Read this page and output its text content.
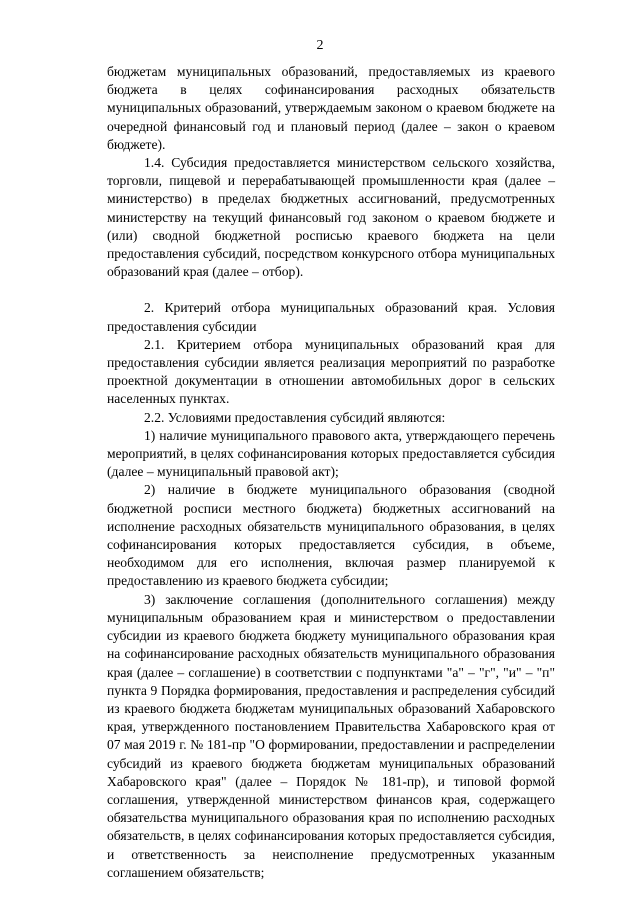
2

бюджетам муниципальных образований, предоставляемых из краевого бюджета в целях софинансирования расходных обязательств муниципальных образований, утверждаемым законом о краевом бюджете на очередной финансовый год и плановый период (далее – закон о краевом бюджете).

1.4. Субсидия предоставляется министерством сельского хозяйства, торговли, пищевой и перерабатывающей промышленности края (далее – министерство) в пределах бюджетных ассигнований, предусмотренных министерству на текущий финансовый год законом о краевом бюджете и (или) сводной бюджетной росписью краевого бюджета на цели предоставления субсидий, посредством конкурсного отбора муниципальных образований края (далее – отбор).

2. Критерий отбора муниципальных образований края. Условия предоставления субсидии

2.1. Критерием отбора муниципальных образований края для предоставления субсидии является реализация мероприятий по разработке проектной документации в отношении автомобильных дорог в сельских населенных пунктах.

2.2. Условиями предоставления субсидий являются:

1) наличие муниципального правового акта, утверждающего перечень мероприятий, в целях софинансирования которых предоставляется субсидия (далее – муниципальный правовой акт);

2) наличие в бюджете муниципального образования (сводной бюджетной росписи местного бюджета) бюджетных ассигнований на исполнение расходных обязательств муниципального образования, в целях софинансирования которых предоставляется субсидия, в объеме, необходимом для его исполнения, включая размер планируемой к предоставлению из краевого бюджета субсидии;

3) заключение соглашения (дополнительного соглашения) между муниципальным образованием края и министерством о предоставлении субсидии из краевого бюджета бюджету муниципального образования края на софинансирование расходных обязательств муниципального образования края (далее – соглашение) в соответствии с подпунктами "а" – "г", "и" – "п" пункта 9 Порядка формирования, предоставления и распределения субсидий из краевого бюджета бюджетам муниципальных образований Хабаровского края, утвержденного постановлением Правительства Хабаровского края от 07 мая 2019 г. № 181-пр "О формировании, предоставлении и распределении субсидий из краевого бюджета бюджетам муниципальных образований Хабаровского края" (далее – Порядок № 181-пр), и типовой формой соглашения, утвержденной министерством финансов края, содержащего обязательства муниципального образования края по исполнению расходных обязательств, в целях софинансирования которых предоставляется субсидия, и ответственность за неисполнение предусмотренных указанным соглашением обязательств;
